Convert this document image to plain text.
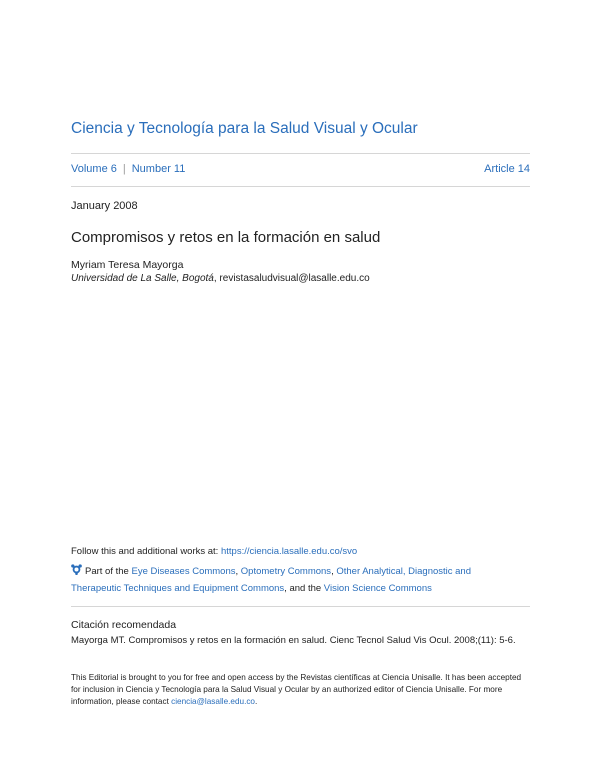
Ciencia y Tecnología para la Salud Visual y Ocular
Volume 6 | Number 11	Article 14
January 2008
Compromisos y retos en la formación en salud
Myriam Teresa Mayorga
Universidad de La Salle, Bogotá, revistasaludvisual@lasalle.edu.co
Follow this and additional works at: https://ciencia.lasalle.edu.co/svo
Part of the Eye Diseases Commons, Optometry Commons, Other Analytical, Diagnostic and Therapeutic Techniques and Equipment Commons, and the Vision Science Commons
Citación recomendada
Mayorga MT. Compromisos y retos en la formación en salud. Cienc Tecnol Salud Vis Ocul. 2008;(11): 5-6.
This Editorial is brought to you for free and open access by the Revistas científicas at Ciencia Unisalle. It has been accepted for inclusion in Ciencia y Tecnología para la Salud Visual y Ocular by an authorized editor of Ciencia Unisalle. For more information, please contact ciencia@lasalle.edu.co.
